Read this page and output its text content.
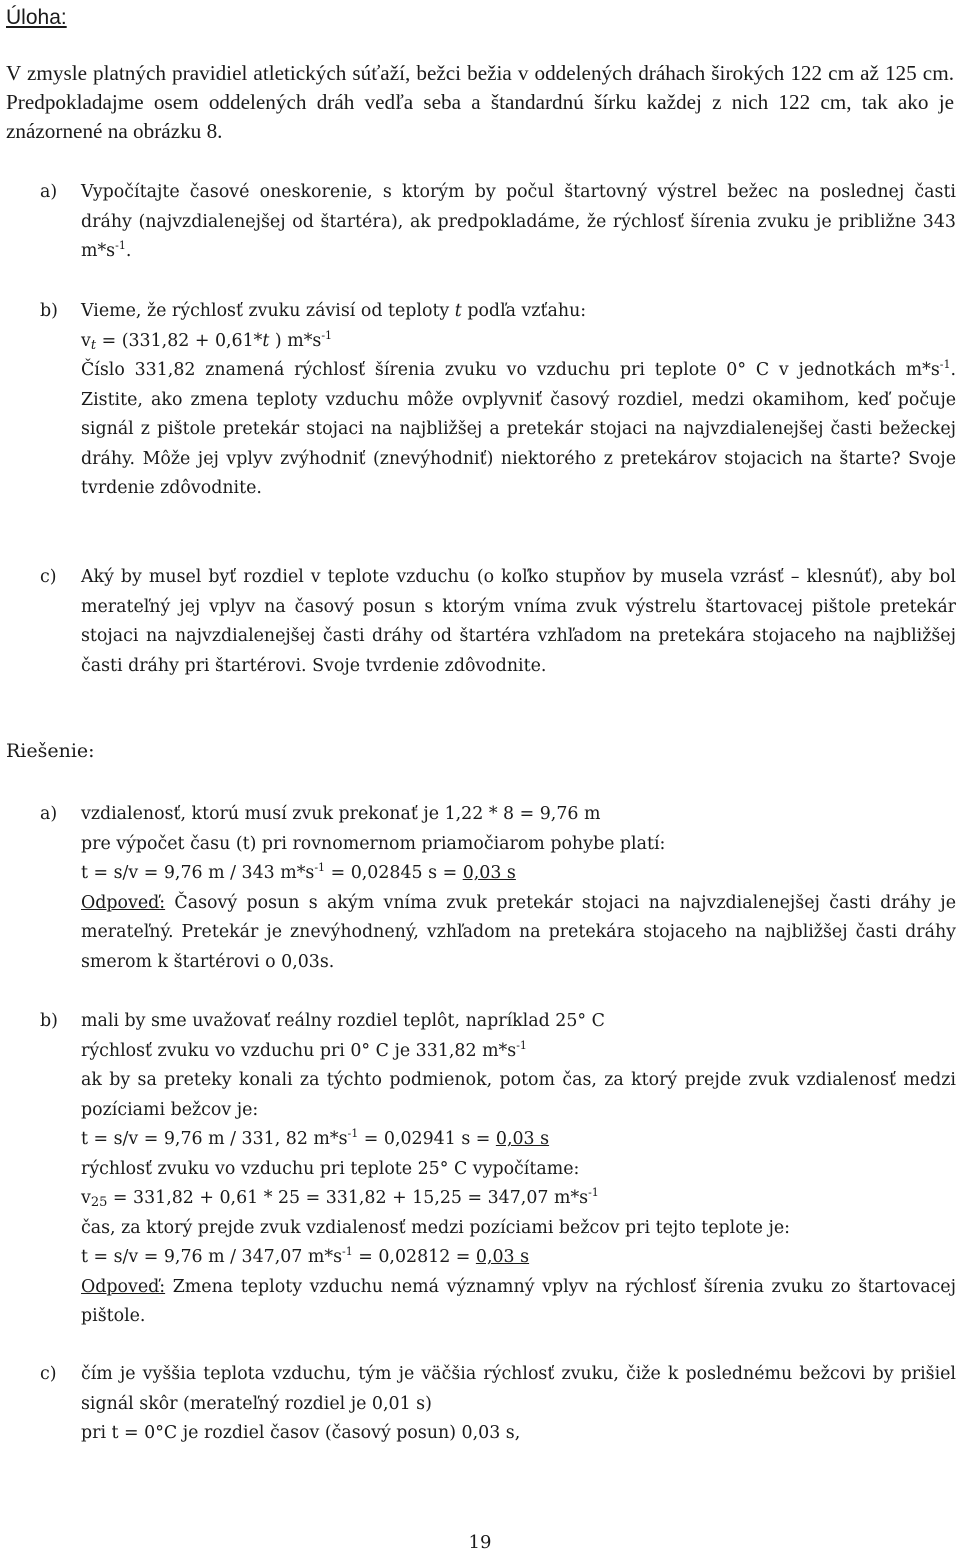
Úloha:
V zmysle platných pravidiel atletických súťaží, bežci bežia v oddelených dráhach širokých 122 cm až 125 cm. Predpokladajme osem oddelených dráh vedľa seba a štandardnú šírku každej z nich 122 cm, tak ako je znázornené na obrázku 8.
a) Vypočítajte časové oneskorenie, s ktorým by počul štartovný výstrel bežec na poslednej časti dráhy (najvzdialenejšej od štartéra), ak predpokladáme, že rýchlosť šírenia zvuku je približne 343 $m*s^{-1}$.
b) Vieme, že rýchlosť zvuku závisí od teploty t podľa vzťahu:
$v_t = (331,82 + 0,61*t$ ) $m*s^{-1}$
Číslo 331,82 znamená rýchlosť šírenia zvuku vo vzduchu pri teplote 0° C v jednotkách $m*s^{-1}$. Zistite, ako zmena teploty vzduchu môže ovplyvniť časový rozdiel, medzi okamihom, keď počuje signál z pištole pretekár stojaci na najbližšej a pretekár stojaci na najvzdialenejšej časti bežeckej dráhy. Môže jej vplyv zvýhodniť (znevýhodniť) niektorého z pretekárov stojacich na štarte? Svoje tvrdenie zdôvodnite.
c) Aký by musel byť rozdiel v teplote vzduchu (o koľko stupňov by musela vzrásť – klesnúť), aby bol merateľný jej vplyv na časový posun s ktorým vníma zvuk výstrelu štartovacej pištole pretekár stojaci na najvzdialenejšej časti dráhy od štartéra vzhľadom na pretekára stojaceho na najbližšej časti dráhy pri štartérovi. Svoje tvrdenie zdôvodnite.
Riešenie:
a) vzdialenosť, ktorú musí zvuk prekonať je 1,22 * 8 = 9,76 m
pre výpočet času (t) pri rovnomernom priamočiarom pohybe platí:
t = s/v = 9,76 m / 343 $m*s^{-1} = 0,02845$ s = 0,03 s
Odpoveď: Časový posun s akým vníma zvuk pretekár stojaci na najvzdialenejšej časti dráhy je merateľný. Pretekár je znevýhodnený, vzhľadom na pretekára stojaceho na najbližšej časti dráhy smerom k štartérovi o 0,03s.
b) mali by sme uvažovať reálny rozdiel teplôt, napríklad 25° C
rýchlosť zvuku vo vzduchu pri 0° C je 331,82 $m*s^{-1}$
ak by sa preteky konali za týchto podmienok, potom čas, za ktorý prejde zvuk vzdialenosť medzi pozíciami bežcov je:
t = s/v = 9,76 m / 331, 82 $m*s^{-1} = 0,02941$ s = 0,03 s
rýchlosť zvuku vo vzduchu pri teplote 25° C vypočítame:
$v_{25} = 331,82 + 0,61 * 25 = 331,82 + 15,25 = 347,07$ $m*s^{-1}$
čas, za ktorý prejde zvuk vzdialenosť medzi pozíciami bežcov pri tejto teplote je:
t = s/v = 9,76 m / 347,07 $m*s^{-1} = 0,02812 = 0,03$ s
Odpoveď: Zmena teploty vzduchu nemá významný vplyv na rýchlosť šírenia zvuku zo štartovacej pištole.
c) čím je vyššia teplota vzduchu, tým je väčšia rýchlosť zvuku, čiže k poslednému bežcovi by prišiel signál skôr (merateľný rozdiel je 0,01 s)
pri t = 0°C je rozdiel časov (časový posun) 0,03 s,
19
